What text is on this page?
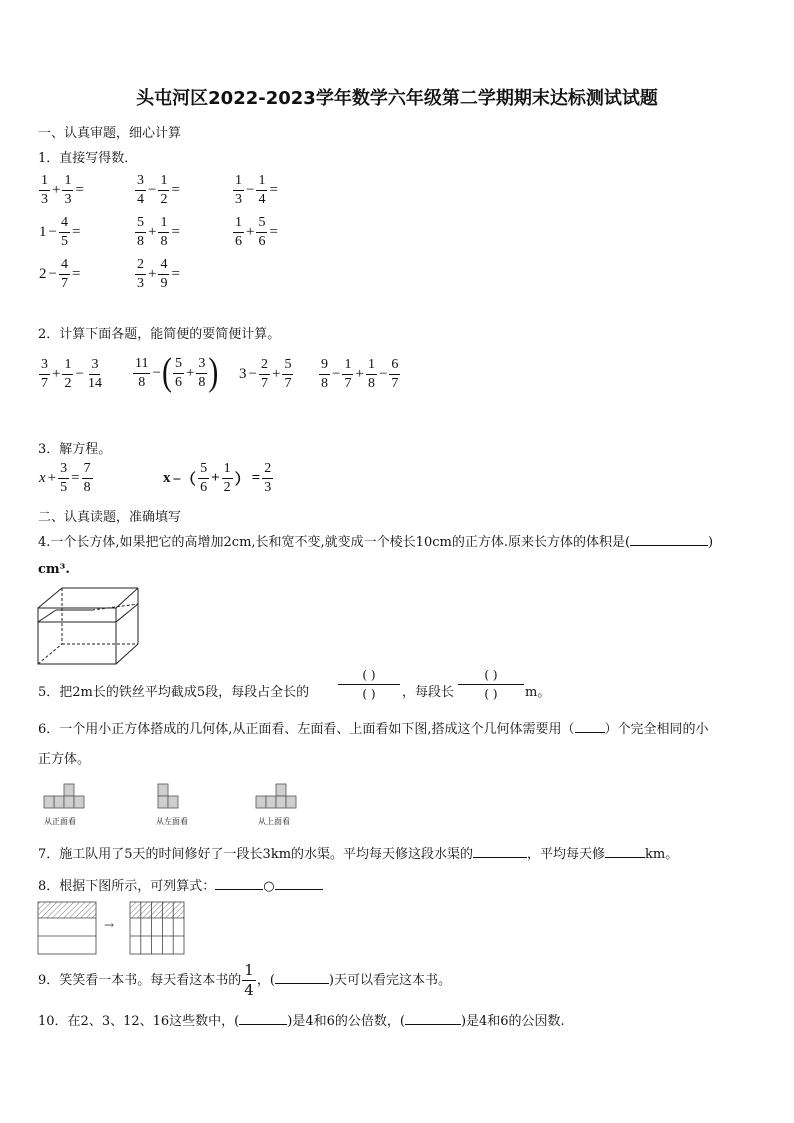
头屯河区2022-2023学年数学六年级第二学期期末达标测试试题
一、认真审题，细心计算
1．直接写得数．
$\frac{1}{3} + \frac{1}{3}$ =	$\frac{3}{4} - \frac{1}{2}$ =	$\frac{1}{3} - \frac{1}{4}$ =
$1 - \frac{4}{5}$ =	$\frac{5}{8} + \frac{1}{8}$ =	$\frac{1}{6} + \frac{5}{6}$ =
$2 - \frac{4}{7}$ =	$\frac{2}{3} + \frac{4}{9}$ =
2．计算下面各题，能简便的要简便计算。
$\frac{3}{7} + \frac{1}{2} - \frac{3}{14} \frac{11}{8}$ −( $\frac{5}{6} + \frac{3}{8}$ ) $3 - \frac{2}{7} + \frac{5}{7} \frac{9}{8} - \frac{1}{7} + \frac{1}{8} - \frac{6}{7}$
3．解方程。
$x + \frac{3}{5} = \frac{7}{8}$	x −（ $\frac{5}{6} + \frac{1}{2}$ ） = $\frac{2}{3}$
二、认真读题，准确填写
4.一个长方体,如果把它的高增加2cm,长和宽不变,就变成一个棱长10cm的正方体.原来长方体的体积是(	)
cm³.
5．把2m长的铁丝平均截成5段，每段占全长的
( )
( )	，每段长
( )
( )	m。
6．一个用小正方体搭成的几何体,从正面看、左面看、上面看如下图,搭成这个几何体需要用（ ）个完全相同的小
正方体。
从正面看	从左面看	从上面看
7．施工队用了5天的时间修好了一段长3km的水渠。平均每天修这段水渠的	，平均每天修	km。
8．根据下图所示，可列算式：	○
→
9．笑笑看一本书。每天看这本书的 $\frac{1}{4}$ ，(	)天可以看完这本书。
10．在2、3、12、16这些数中，(	)是4和6的公倍数，(	)是4和6的公因数.
